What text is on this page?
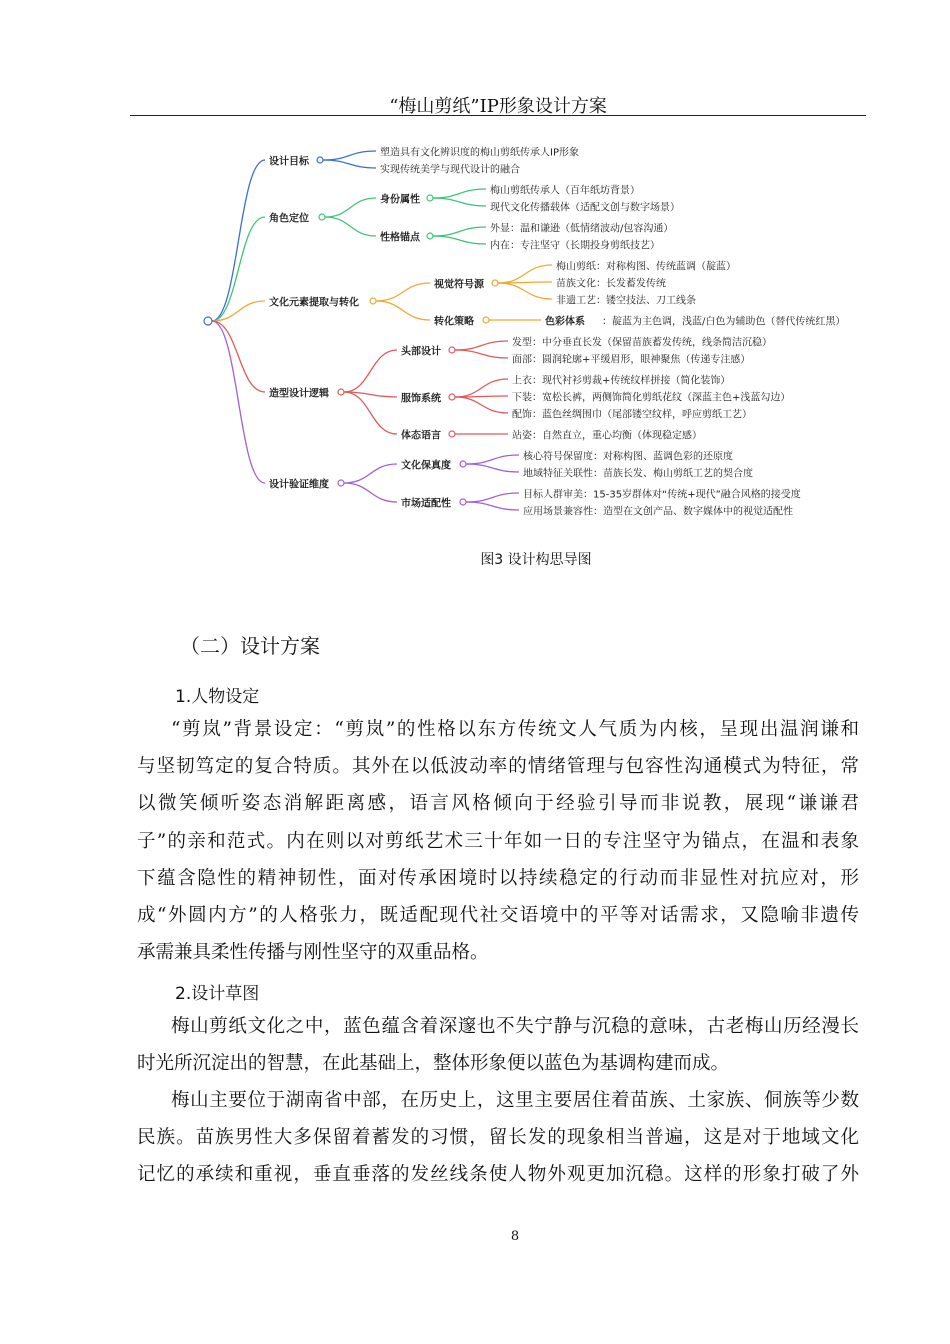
“梅山剪纸”IP形象设计方案
设计目标
塑造具有文化辨识度的梅山剪纸传承人IP形象
实现传统美学与现代设计的融合
角色定位
身份属性
梅山剪纸传承人（百年纸坊背景）
现代文化传播载体（适配文创与数字场景）
性格锚点
外显：温和谦逊（低情绪波动/包容沟通）
内在：专注坚守（长期投身剪纸技艺）
文化元素提取与转化
视觉符号源
梅山剪纸：对称构图、传统蓝调（靛蓝）
苗族文化：长发蓄发传统
非遗工艺：镂空技法、刀工线条
转化策略	色彩体系 ：靛蓝为主色调，浅蓝/白色为辅助色（替代传统红黑）
造型设计逻辑
头部设计
发型：中分垂直长发（保留苗族蓄发传统，线条简洁沉稳）
面部：圆润轮廓+平缓眉形，眼神聚焦（传递专注感）
服饰系统
上衣：现代衬衫剪裁+传统纹样拼接（简化装饰）
下装：宽松长裤，两侧饰简化剪纸花纹（深蓝主色+浅蓝勾边）
配饰：蓝色丝绸围巾（尾部镂空纹样，呼应剪纸工艺）
体态语言	站姿：自然直立，重心均衡（体现稳定感）
设计验证维度
文化保真度
核心符号保留度：对称构图、蓝调色彩的还原度
地域特征关联性：苗族长发、梅山剪纸工艺的契合度
市场适配性
目标人群审美：15-35岁群体对“传统+现代”融合风格的接受度
应用场景兼容性：造型在文创产品、数字媒体中的视觉适配性
图3 设计构思导图
（二）设计方案
1.人物设定
“剪岚”背景设定：“剪岚”的性格以东方传统文人气质为内核，呈现出温润谦和
与坚韧笃定的复合特质。其外在以低波动率的情绪管理与包容性沟通模式为特征，常
以微笑倾听姿态消解距离感，语言风格倾向于经验引导而非说教，展现“谦谦君
子”的亲和范式。内在则以对剪纸艺术三十年如一日的专注坚守为锚点，在温和表象
下蕴含隐性的精神韧性，面对传承困境时以持续稳定的行动而非显性对抗应对，形
成“外圆内方”的人格张力，既适配现代社交语境中的平等对话需求，又隐喻非遗传
承需兼具柔性传播与刚性坚守的双重品格。
2.设计草图
梅山剪纸文化之中，蓝色蕴含着深邃也不失宁静与沉稳的意味，古老梅山历经漫长
时光所沉淀出的智慧，在此基础上，整体形象便以蓝色为基调构建而成。
梅山主要位于湖南省中部，在历史上，这里主要居住着苗族、土家族、侗族等少数
民族。苗族男性大多保留着蓄发的习惯，留长发的现象相当普遍，这是对于地域文化
记忆的承续和重视，垂直垂落的发丝线条使人物外观更加沉稳。这样的形象打破了外
8
